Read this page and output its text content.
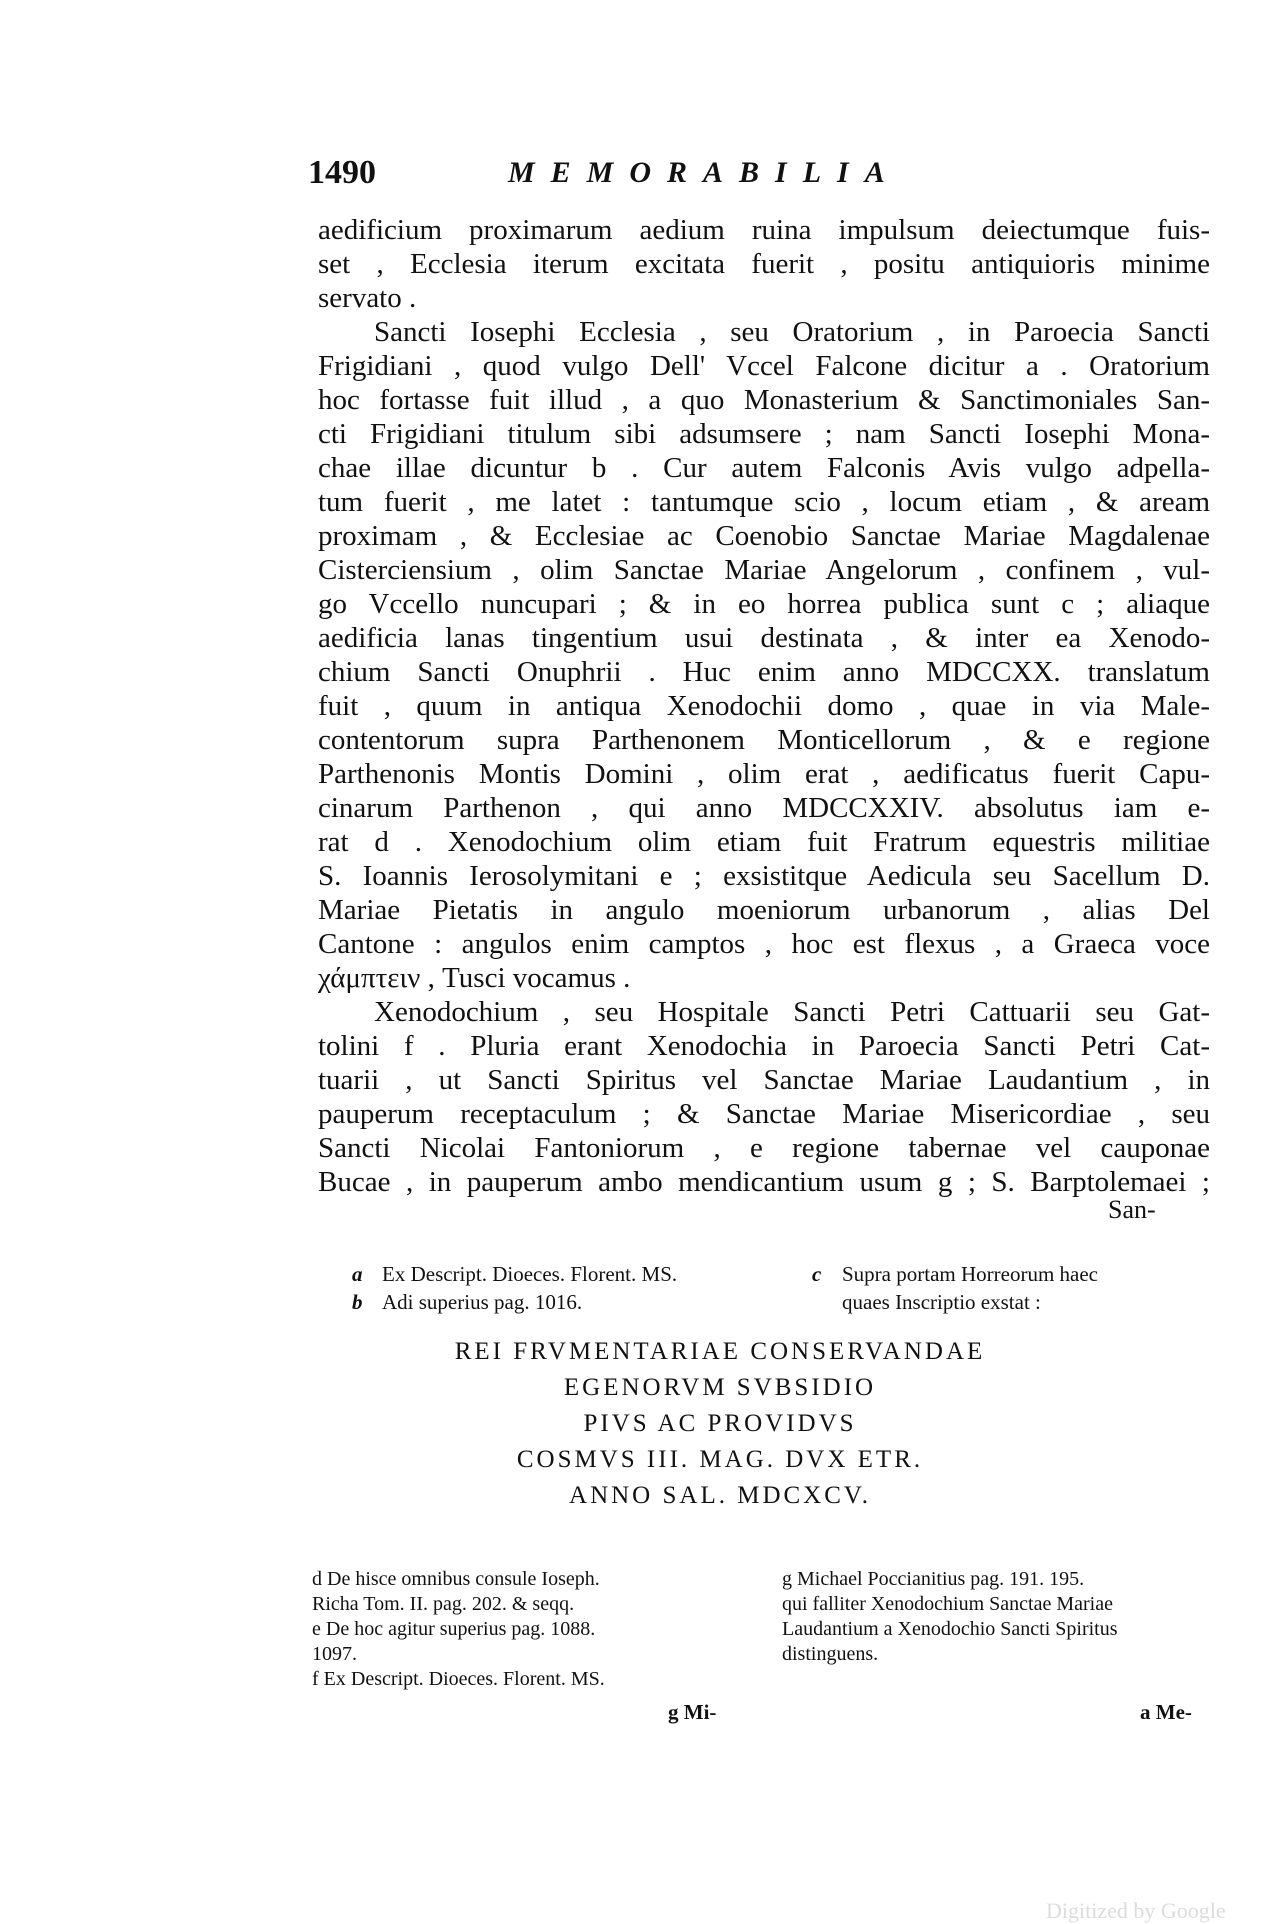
1490	MEMORABILIA
aedificium proximarum aedium ruina impulsum deiectumque fuis-
set , Ecclesia iterum excitata fuerit , positu antiquioris minime
servato .
Sancti Iosephi Ecclesia , seu Oratorium , in Paroecia Sancti
Frigidiani , quod vulgo Dell' Vccel Falcone dicitur a . Oratorium
hoc fortasse fuit illud , a quo Monasterium & Sanctimoniales San-
cti Frigidiani titulum sibi adsumsere ; nam Sancti Iosephi Mona-
chae illae dicuntur b . Cur autem Falconis Avis vulgo adpella-
tum fuerit , me latet : tantumque scio , locum etiam , & aream
proximam , & Ecclesiae ac Coenobio Sanctae Mariae Magdalenae
Cisterciensium , olim Sanctae Mariae Angelorum , confinem , vul-
go Vccello nuncupari ; & in eo horrea publica sunt c ; aliaque
aedificia lanas tingentium usui destinata , & inter ea Xenodo-
chium Sancti Onuphrii . Huc enim anno MDCCXX. translatum
fuit , quum in antiqua Xenodochii domo , quae in via Male-
contentorum supra Parthenonem Monticellorum , & e regione
Parthenonis Montis Domini , olim erat , aedificatus fuerit Capu-
cinarum Parthenon , qui anno MDCCXXIV. absolutus iam e-
rat d . Xenodochium olim etiam fuit Fratrum equestris militiae
S. Ioannis Ierosolymitani e ; exsistitque Aedicula seu Sacellum D.
Mariae Pietatis in angulo moeniorum urbanorum , alias Del
Cantone : angulos enim camptos , hoc est flexus , a Graeca voce
χάμπτειν , Tusci vocamus .
Xenodochium , seu Hospitale Sancti Petri Cattuarii seu Gat-
tolini f . Pluria erant Xenodochia in Paroecia Sancti Petri Cat-
tuarii , ut Sancti Spiritus vel Sanctae Mariae Laudantium , in
pauperum receptaculum ; & Sanctae Mariae Misericordiae , seu
Sancti Nicolai Fantoniorum , e regione tabernae vel cauponae
Bucae , in pauperum ambo mendicantium usum g ; S. Barptolemaei ;
San-
a Ex Descript. Dioeces. Florent. MS.	c Supra portam Horreorum haec
b Adi superius pag. 1016.	quaes Inscriptio exstat :
REI FRVMENTARIAE CONSERVANDAE
EGENORVM SVBSIDIO
PIVS AC PROVIDVS
COSMVS III. MAG. DVX ETR.
ANNO SAL. MDCXCV.
d De hisce omnibus consule Ioseph.
Richa Tom. II. pag. 202. & seqq.
e De hoc agitur superius pag. 1088.
1097.
f Ex Descript. Dioeces. Florent. MS.
g Michael Poccianitius pag. 191. 195.
qui falliter Xenodochium Sanctae Mariae
Laudantium a Xenodochio Sancti Spiritus
distinguens.
g Mi-	a Me-
Digitized by Google
